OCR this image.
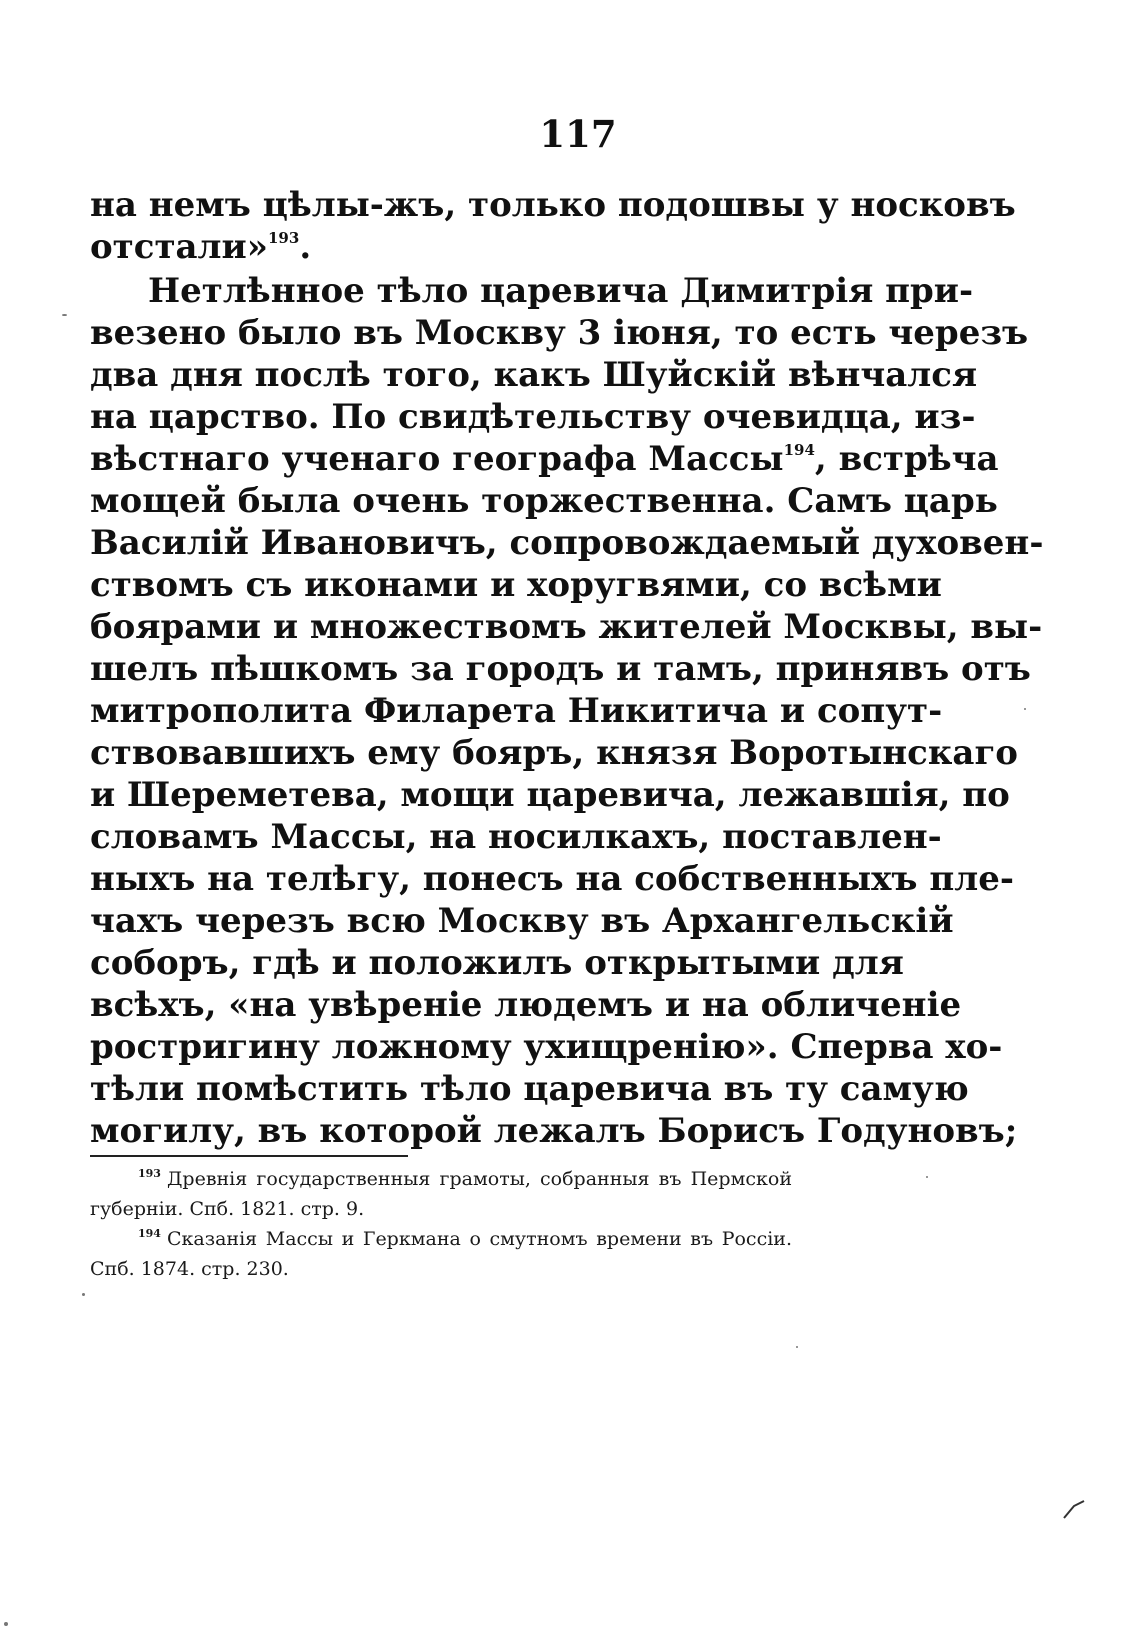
117
на немъ цѣлы-жъ, только подошвы у носковъ
отстали»$^{193}$.
Нетлѣнное тѣло царевича Димитрія при-
везено было въ Москву 3 іюня, то есть черезъ
два дня послѣ того, какъ Шуйскій вѣнчался
на царство. По свидѣтельству очевидца, из-
вѣстнаго ученаго географа Массы$^{194}$, встрѣча
мощей была очень торжественна. Самъ царь
Василій Ивановичъ, сопровождаемый духовен-
ствомъ съ иконами и хоругвями, со всѣми
боярами и множествомъ жителей Москвы, вы-
шелъ пѣшкомъ за городъ и тамъ, принявъ отъ
митрополита Филарета Никитича и сопут-
ствовавшихъ ему бояръ, князя Воротынскаго
и Шереметева, мощи царевича, лежавшія, по
словамъ Массы, на носилкахъ, поставлен-
ныхъ на телѣгу, понесъ на собственныхъ пле-
чахъ черезъ всю Москву въ Архангельскій
соборъ, гдѣ и положилъ открытыми для
всѣхъ, «на увѣреніе людемъ и на обличеніе
ростригину ложному ухищренію». Сперва хо-
тѣли помѣстить тѣло царевича въ ту самую
могилу, въ которой лежалъ Борисъ Годуновъ;
$^{193}$ Древнія государственныя грамоты, собранныя въ Пермской
губерніи. Спб. 1821. стр. 9.
$^{194}$ Сказанія Массы и Геркмана о смутномъ времени въ Россіи.
Спб. 1874. стр. 230.
